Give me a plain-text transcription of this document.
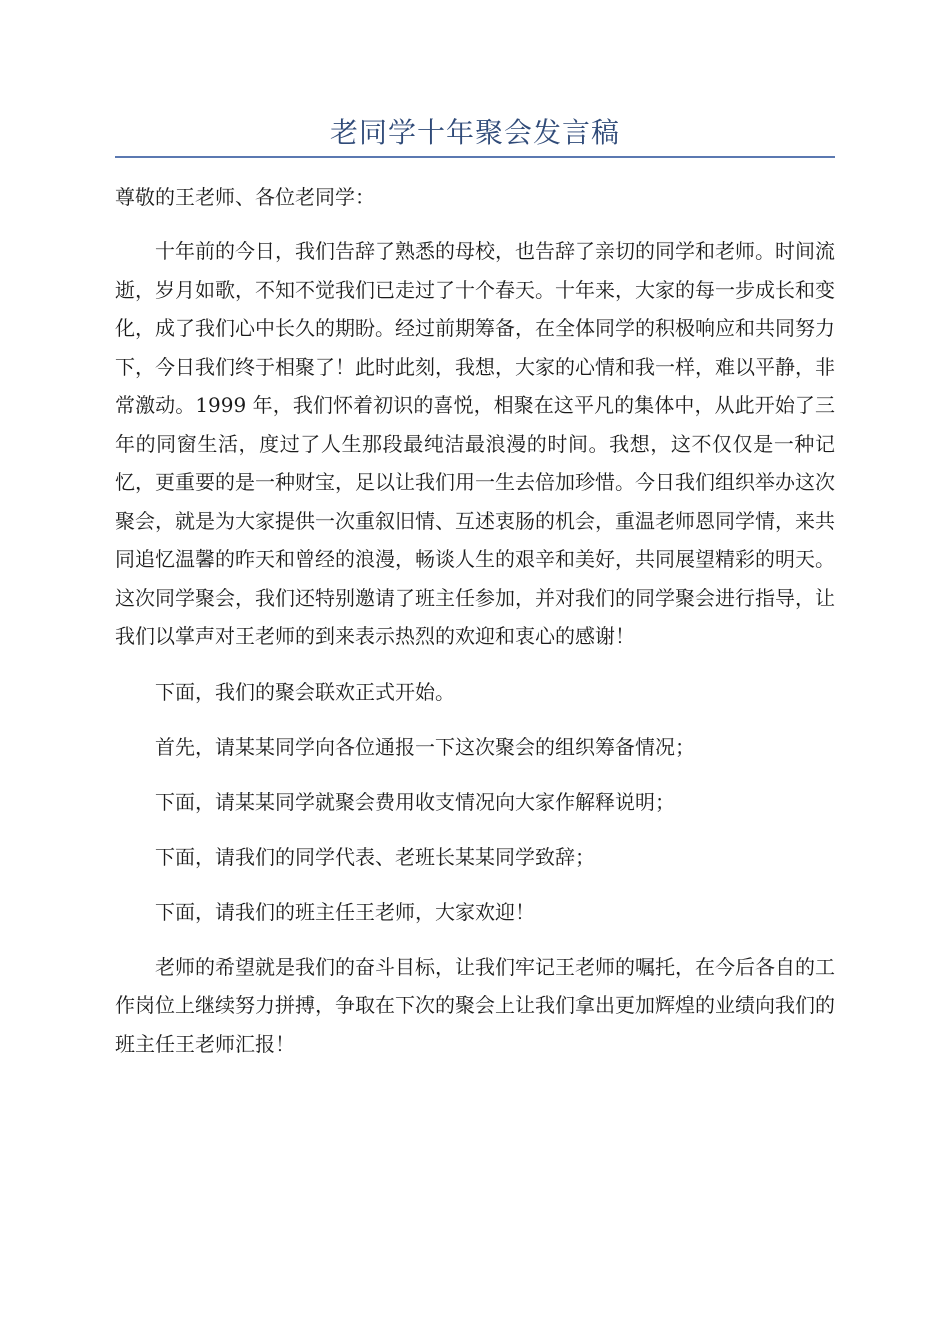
老同学十年聚会发言稿

尊敬的王老师、各位老同学：

十年前的今日，我们告辞了熟悉的母校，也告辞了亲切的同学和老师。时间流逝，岁月如歌，不知不觉我们已走过了十个春天。十年来，大家的每一步成长和变化，成了我们心中长久的期盼。经过前期筹备，在全体同学的积极响应和共同努力下，今日我们终于相聚了！此时此刻，我想，大家的心情和我一样，难以平静，非常激动。1999 年，我们怀着初识的喜悦，相聚在这平凡的集体中，从此开始了三年的同窗生活，度过了人生那段最纯洁最浪漫的时间。我想，这不仅仅是一种记忆，更重要的是一种财宝，足以让我们用一生去倍加珍惜。今日我们组织举办这次聚会，就是为大家提供一次重叙旧情、互述衷肠的机会，重温老师恩同学情，来共同追忆温馨的昨天和曾经的浪漫，畅谈人生的艰辛和美好，共同展望精彩的明天。这次同学聚会，我们还特别邀请了班主任参加，并对我们的同学聚会进行指导，让我们以掌声对王老师的到来表示热烈的欢迎和衷心的感谢！

下面，我们的聚会联欢正式开始。

首先，请某某同学向各位通报一下这次聚会的组织筹备情况；

下面，请某某同学就聚会费用收支情况向大家作解释说明；

下面，请我们的同学代表、老班长某某同学致辞；

下面，请我们的班主任王老师，大家欢迎！

老师的希望就是我们的奋斗目标，让我们牢记王老师的嘱托，在今后各自的工作岗位上继续努力拼搏，争取在下次的聚会上让我们拿出更加辉煌的业绩向我们的班主任王老师汇报！
